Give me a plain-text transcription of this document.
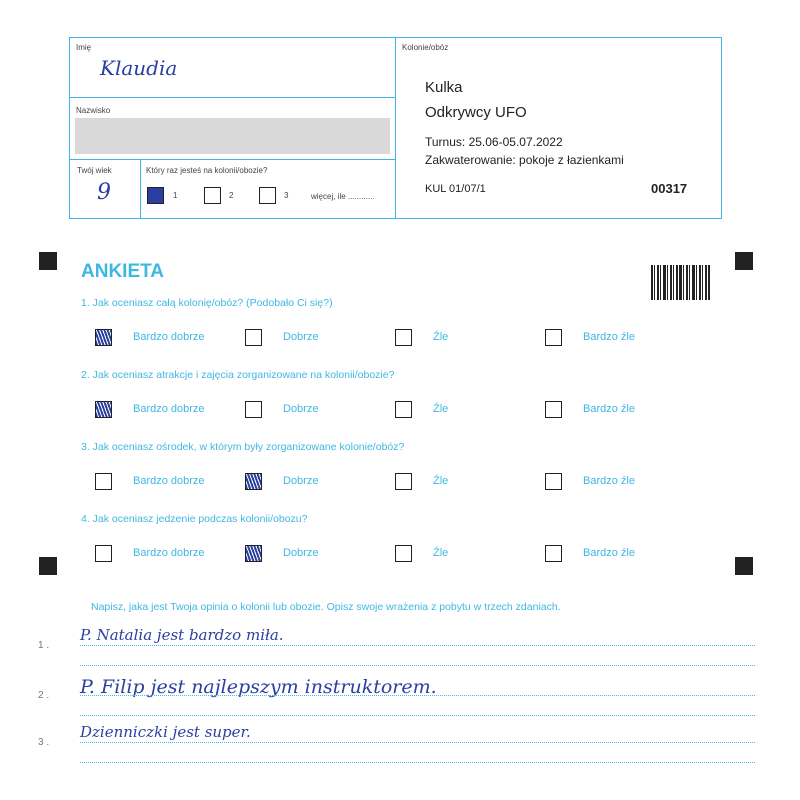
Imię
Klaudia
Nazwisko
Twój wiek
9
Który raz jesteś na kolonii/obozie?
1	2	3	więcej, ile ............
Kolonie/obóz
Kulka
Odkrywcy UFO
Turnus: 25.06-05.07.2022
Zakwaterowanie: pokoje z łazienkami
KUL 01/07/1	00317
ANKIETA
1. Jak oceniasz całą kolonię/obóz? (Podobało Ci się?)
Bardzo dobrze	Dobrze	Źle	Bardzo źle
2. Jak oceniasz atrakcje i zajęcia zorganizowane na kolonii/obozie?
Bardzo dobrze	Dobrze	Źle	Bardzo źle
3. Jak oceniasz ośrodek, w którym były zorganizowane kolonie/obóz?
Bardzo dobrze	Dobrze	Źle	Bardzo źle
4. Jak oceniasz jedzenie podczas kolonii/obozu?
Bardzo dobrze	Dobrze	Źle	Bardzo źle
Napisz, jaka jest Twoja opinia o kolonii lub obozie. Opisz swoje wrażenia z pobytu w trzech zdaniach.
1 .
P. Natalia jest bardzo miła.
2 . P. Filip jest najlepszym instruktorem.
3 .
Dzienniczki jest super.
